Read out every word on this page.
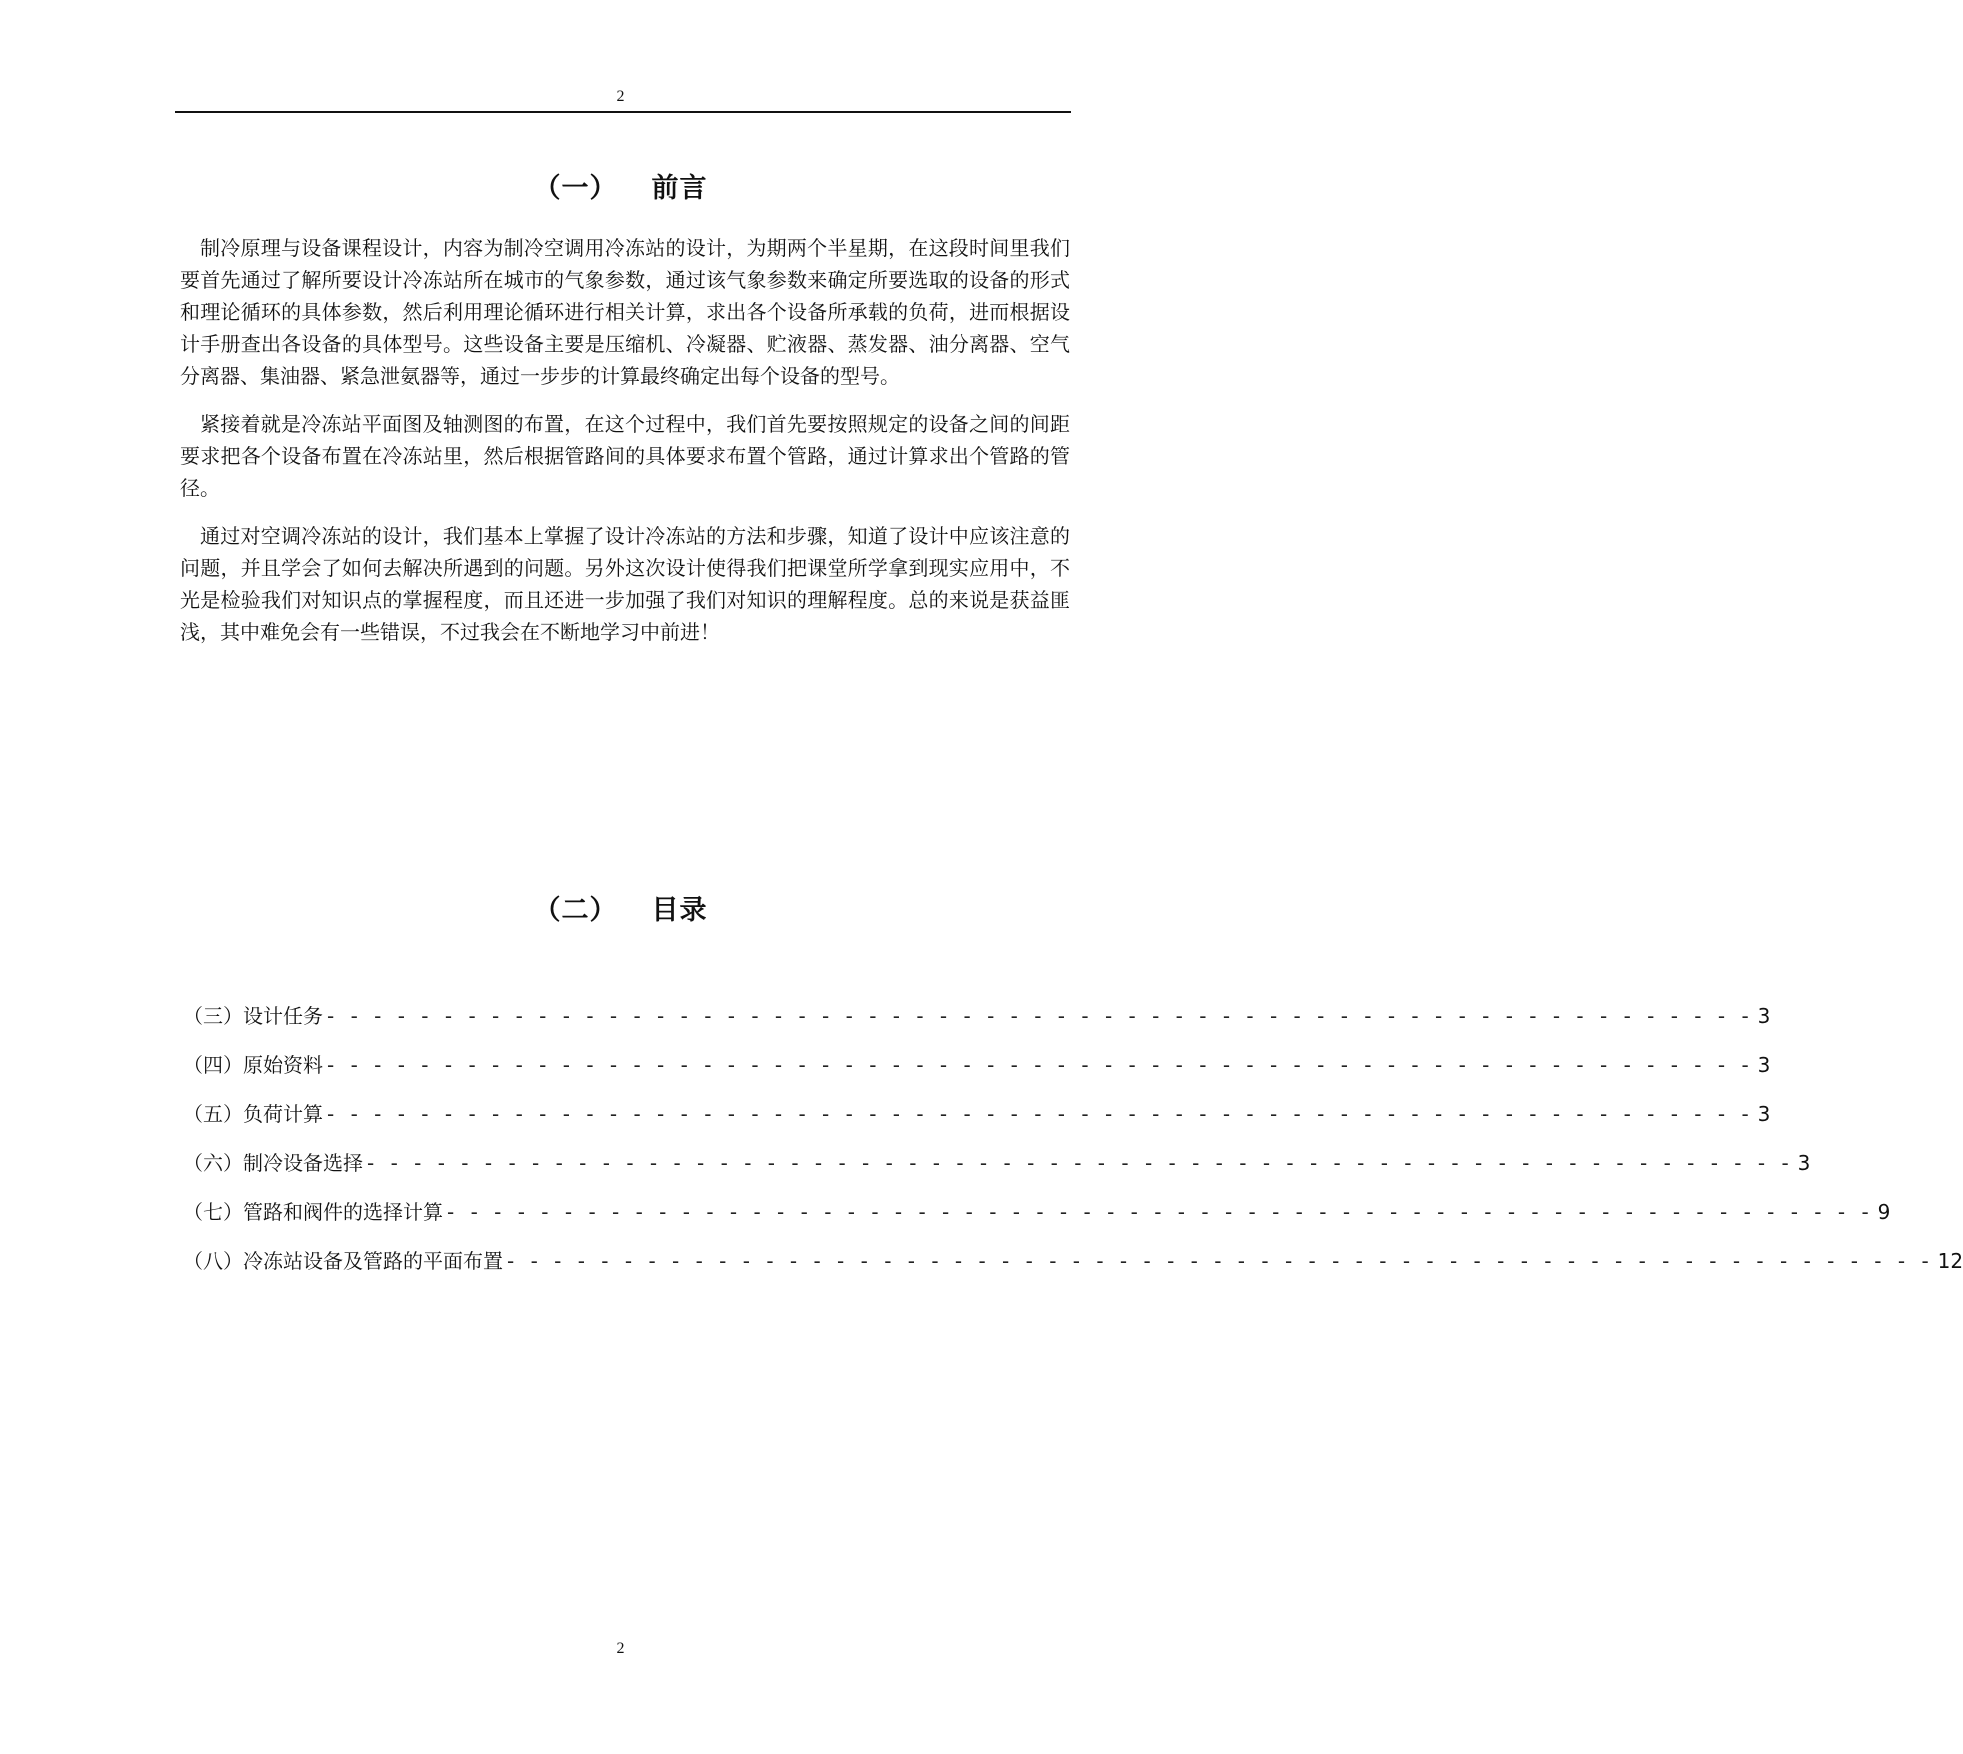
2
（一） 前言

制冷原理与设备课程设计，内容为制冷空调用冷冻站的设计，为期两个半星期，在这段时间里我们要首先通过了解所要设计冷冻站所在城市的气象参数，通过该气象参数来确定所要选取的设备的形式和理论循环的具体参数，然后利用理论循环进行相关计算，求出各个设备所承载的负荷，进而根据设计手册查出各设备的具体型号。这些设备主要是压缩机、冷凝器、贮液器、蒸发器、油分离器、空气分离器、集油器、紧急泄氨器等，通过一步步的计算最终确定出每个设备的型号。

紧接着就是冷冻站平面图及轴测图的布置，在这个过程中，我们首先要按照规定的设备之间的间距要求把各个设备布置在冷冻站里，然后根据管路间的具体要求布置个管路，通过计算求出个管路的管径。

通过对空调冷冻站的设计，我们基本上掌握了设计冷冻站的方法和步骤，知道了设计中应该注意的问题，并且学会了如何去解决所遇到的问题。另外这次设计使得我们把课堂所学拿到现实应用中，不光是检验我们对知识点的掌握程度，而且还进一步加强了我们对知识的理解程度。总的来说是获益匪浅，其中难免会有一些错误，不过我会在不断地学习中前进！

（二） 目录
（三）设计任务 - - - - - - - - - - - - - - - - - - - - - - - - - - - - - - - - - - - - - - - - - - - - - - - - - - - - - - - - - - - - - 3
（四）原始资料 - - - - - - - - - - - - - - - - - - - - - - - - - - - - - - - - - - - - - - - - - - - - - - - - - - - - - - - - - - - - - 3
（五）负荷计算 - - - - - - - - - - - - - - - - - - - - - - - - - - - - - - - - - - - - - - - - - - - - - - - - - - - - - - - - - - - - - 3
（六）制冷设备选择 - - - - - - - - - - - - - - - - - - - - - - - - - - - - - - - - - - - - - - - - - - - - - - - - - - - - - - - - - - - - - 3
（七）管路和阀件的选择计算 - - - - - - - - - - - - - - - - - - - - - - - - - - - - - - - - - - - - - - - - - - - - - - - - - - - - - - - - - - - - - 9
（八）冷冻站设备及管路的平面布置 - - - - - - - - - - - - - - - - - - - - - - - - - - - - - - - - - - - - - - - - - - - - - - - - - - - - - - - - - - - - - 12
2
